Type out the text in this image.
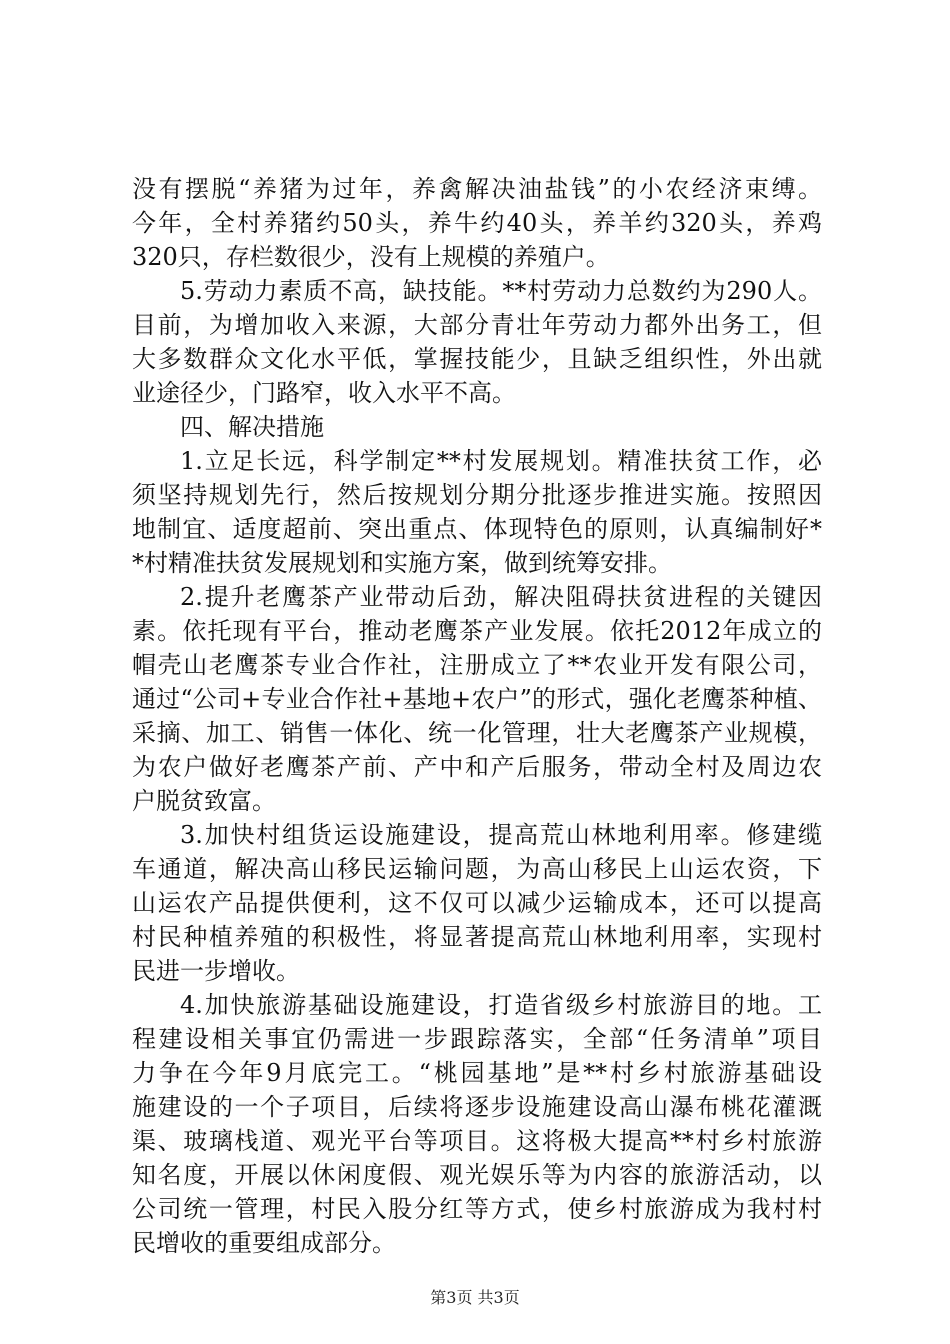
没有摆脱“养猪为过年，养禽解决油盐钱”的小农经济束缚。
今年，全村养猪约50头，养牛约40头，养羊约320头，养鸡
320只，存栏数很少，没有上规模的养殖户。
5.劳动力素质不高，缺技能。**村劳动力总数约为290人。
目前，为增加收入来源，大部分青壮年劳动力都外出务工，但
大多数群众文化水平低，掌握技能少，且缺乏组织性，外出就
业途径少，门路窄，收入水平不高。
四、解决措施
1.立足长远，科学制定**村发展规划。精准扶贫工作，必
须坚持规划先行，然后按规划分期分批逐步推进实施。按照因
地制宜、适度超前、突出重点、体现特色的原则，认真编制好*
*村精准扶贫发展规划和实施方案，做到统筹安排。
2.提升老鹰茶产业带动后劲，解决阻碍扶贫进程的关键因
素。依托现有平台，推动老鹰茶产业发展。依托2012年成立的
帽壳山老鹰茶专业合作社，注册成立了**农业开发有限公司，
通过“公司+专业合作社+基地+农户”的形式，强化老鹰茶种植、
采摘、加工、销售一体化、统一化管理，壮大老鹰茶产业规模，
为农户做好老鹰茶产前、产中和产后服务，带动全村及周边农
户脱贫致富。
3.加快村组货运设施建设，提高荒山林地利用率。修建缆
车通道，解决高山移民运输问题，为高山移民上山运农资，下
山运农产品提供便利，这不仅可以减少运输成本，还可以提高
村民种植养殖的积极性，将显著提高荒山林地利用率，实现村
民进一步增收。
4.加快旅游基础设施建设，打造省级乡村旅游目的地。工
程建设相关事宜仍需进一步跟踪落实，全部“任务清单”项目
力争在今年9月底完工。“桃园基地”是**村乡村旅游基础设
施建设的一个子项目，后续将逐步设施建设高山瀑布桃花灌溉
渠、玻璃栈道、观光平台等项目。这将极大提高**村乡村旅游
知名度，开展以休闲度假、观光娱乐等为内容的旅游活动，以
公司统一管理，村民入股分红等方式，使乡村旅游成为我村村
民增收的重要组成部分。
第3页 共3页
